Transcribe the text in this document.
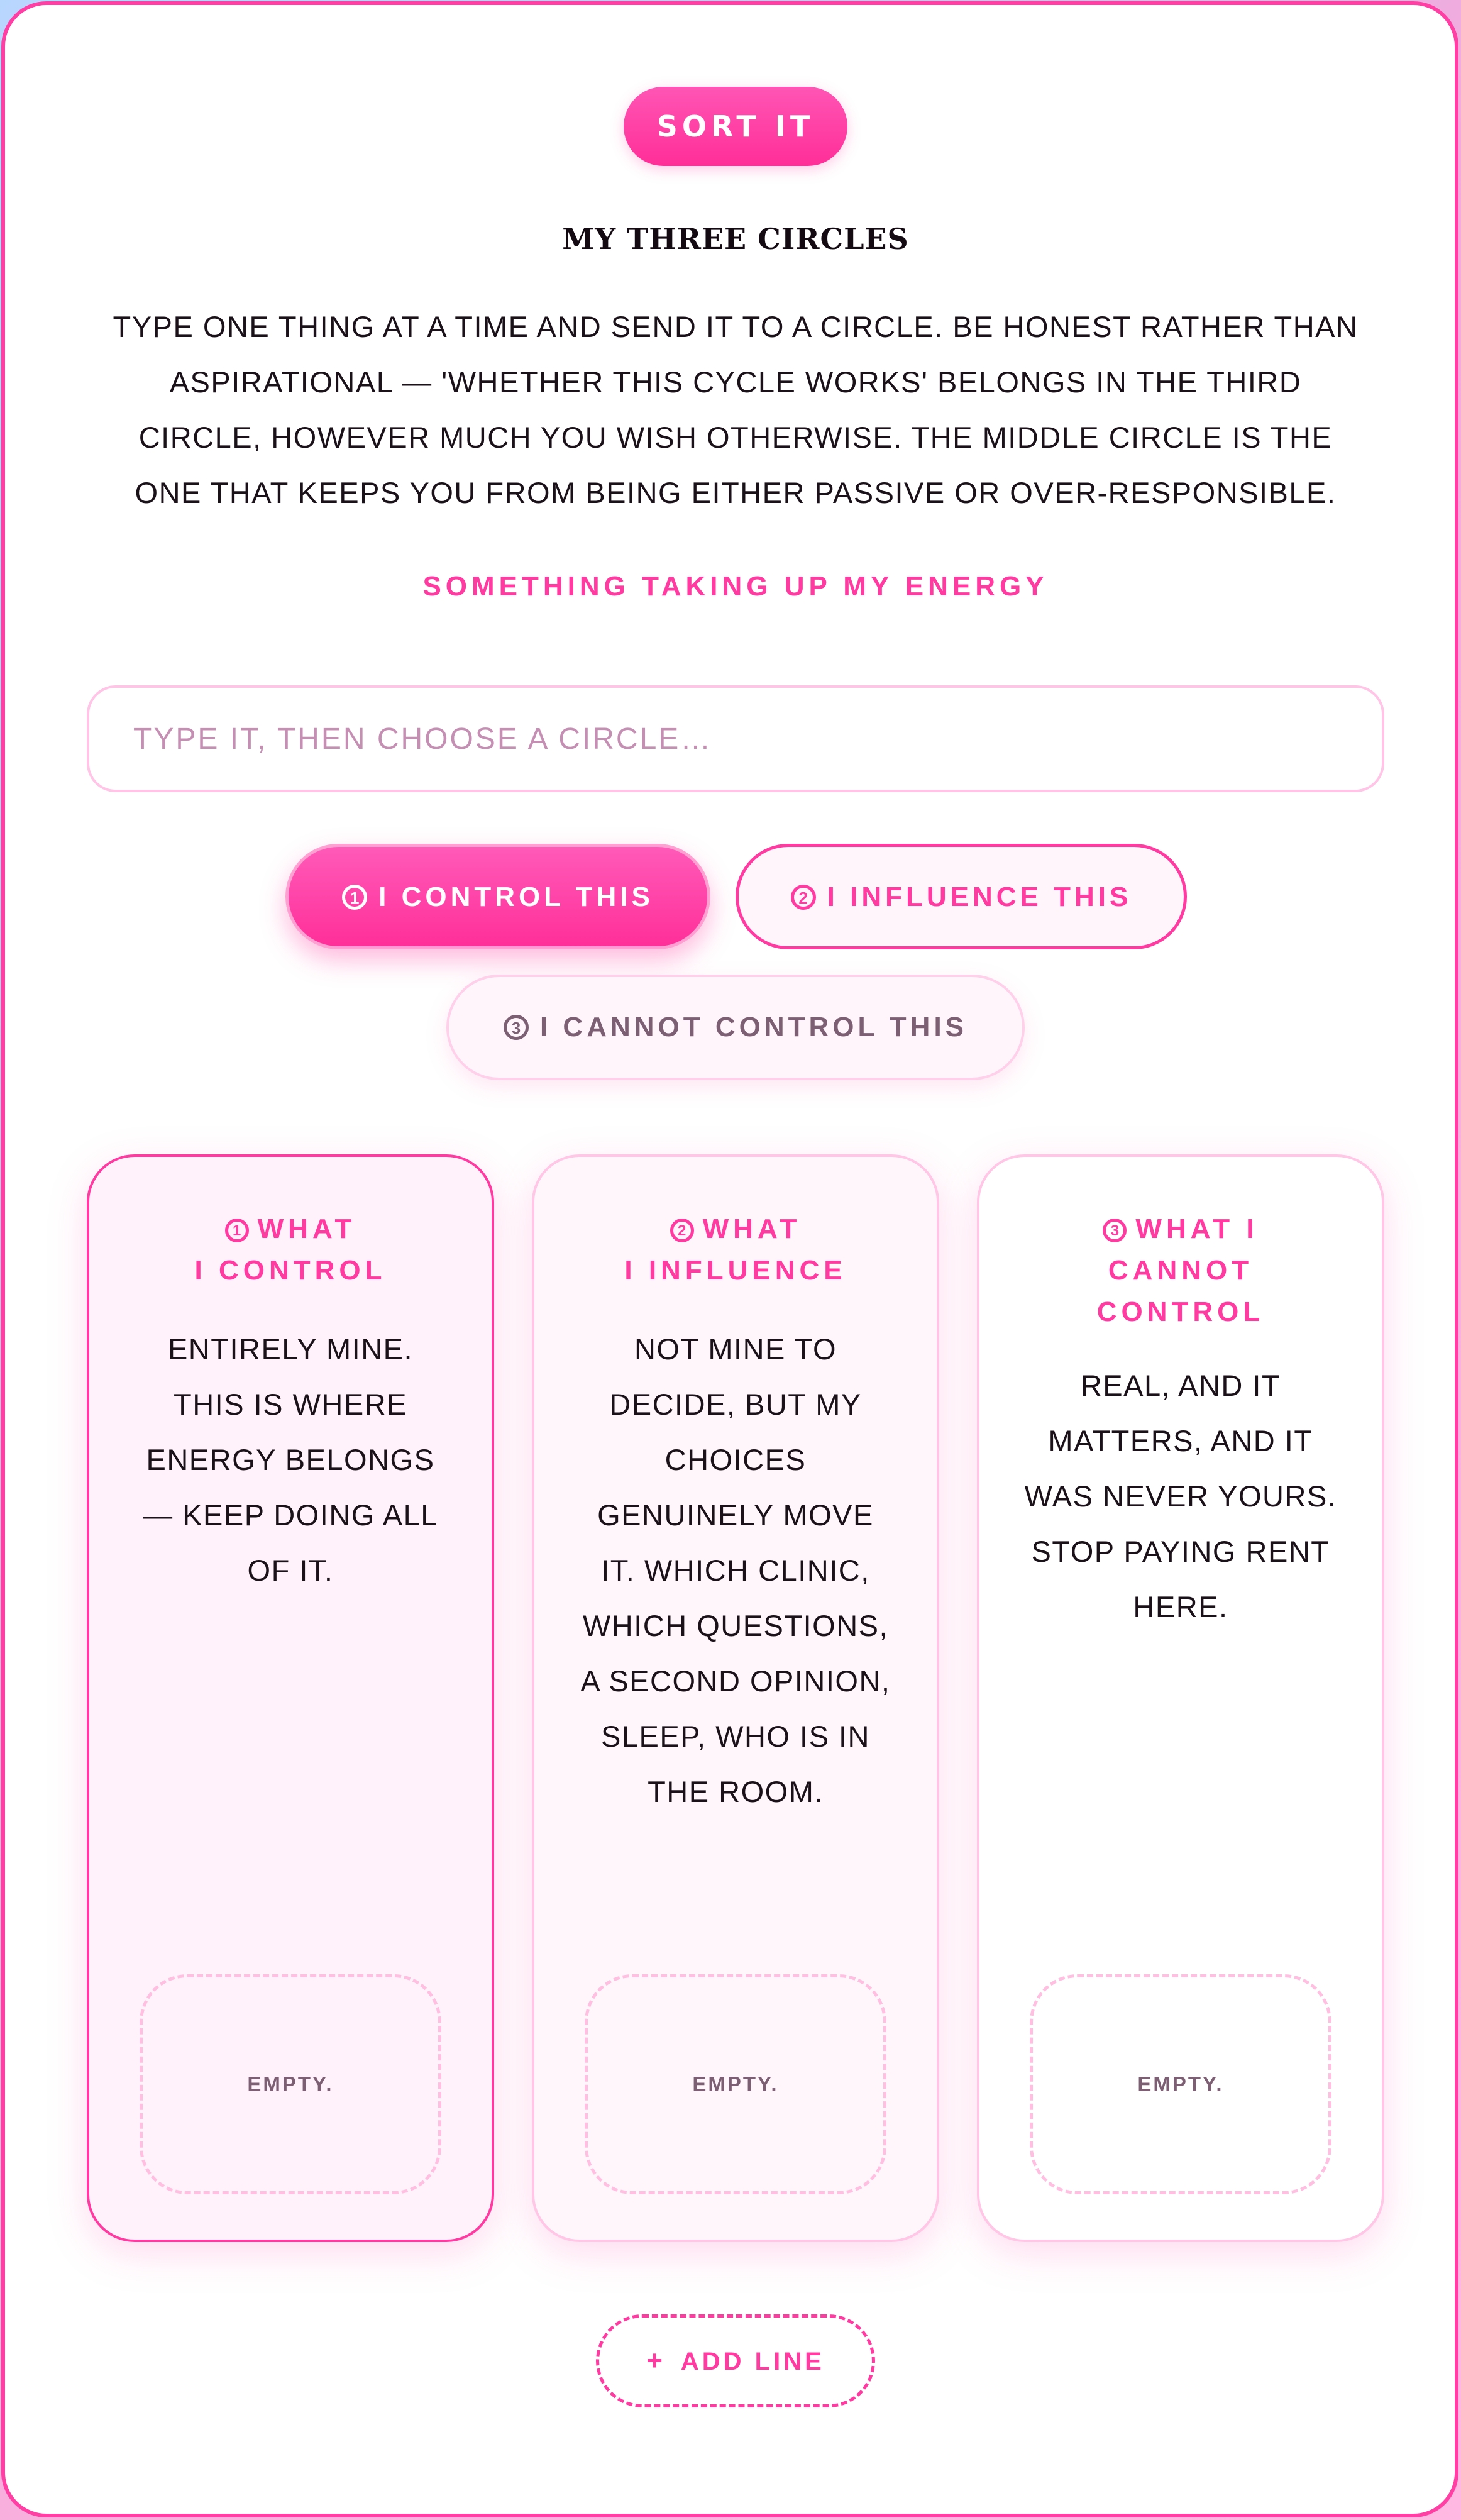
SORT IT
MY THREE CIRCLES
TYPE ONE THING AT A TIME AND SEND IT TO A CIRCLE. BE HONEST RATHER THAN ASPIRATIONAL — 'WHETHER THIS CYCLE WORKS' BELONGS IN THE THIRD CIRCLE, HOWEVER MUCH YOU WISH OTHERWISE. THE MIDDLE CIRCLE IS THE ONE THAT KEEPS YOU FROM BEING EITHER PASSIVE OR OVER-RESPONSIBLE.
SOMETHING TAKING UP MY ENERGY
TYPE IT, THEN CHOOSE A CIRCLE…
1 I CONTROL THIS	2 I INFLUENCE THIS
3 I CANNOT CONTROL THIS
1 WHAT
I CONTROL
ENTIRELY MINE. THIS IS WHERE ENERGY BELONGS — KEEP DOING ALL OF IT.
EMPTY.
2 WHAT
I INFLUENCE
NOT MINE TO DECIDE, BUT MY CHOICES GENUINELY MOVE IT. WHICH CLINIC, WHICH QUESTIONS, A SECOND OPINION, SLEEP, WHO IS IN THE ROOM.
EMPTY.
3 WHAT I
CANNOT
CONTROL
REAL, AND IT MATTERS, AND IT WAS NEVER YOURS. STOP PAYING RENT HERE.
EMPTY.
+ ADD LINE
